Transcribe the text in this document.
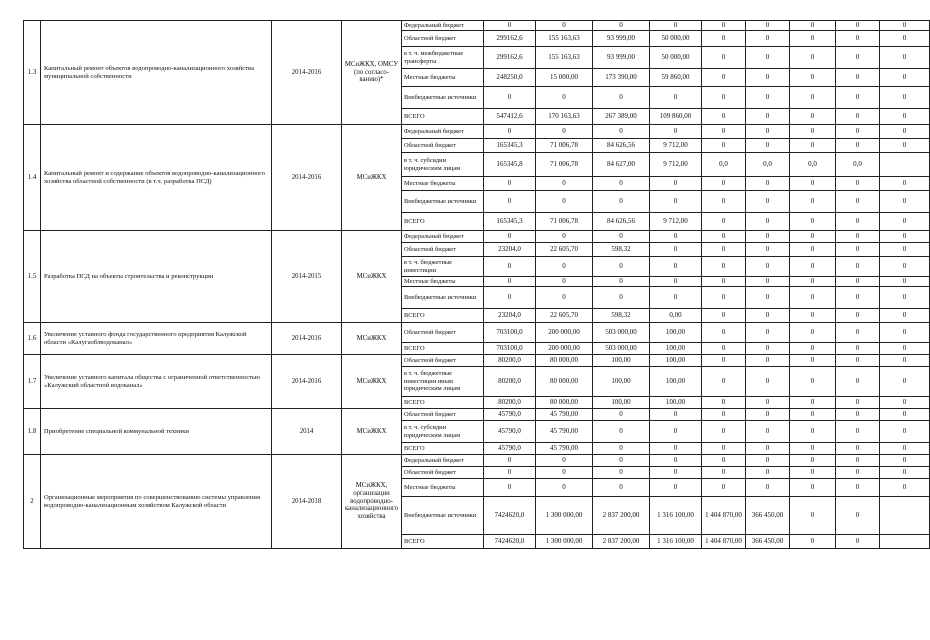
1.3	Капитальный ремонт объектов водопроводно-канализационного хозяйства муниципальной собственности	2014-2016	МСиЖКХ, ОМСУ (по согласо-ванию)*	Федеральный бюджет	0	0	0	0	0	0	0	0	0
				Областной бюджет	299162,6	155 163,63	93 999,00	50 000,00	0	0	0	0	0
				в т. ч. межбюджетные трансферты	299162,6	155 163,63	93 999,00	50 000,00	0	0	0	0	0
				Местные бюджеты	248250,0	15 000,00	173 390,00	59 860,00	0	0	0	0	0
				Внебюджетные источники	0	0	0	0	0	0	0	0	0
				ВСЕГО	547412,6	170 163,63	267 389,00	109 860,00	0	0	0	0	0
1.4	Капитальный ремонт и содержание объектов водопроводно-канализационного хозяйства областной собственности (в т.ч. разработка ПСД)	2014-2016	МСиЖКХ	Федеральный бюджет	0	0	0	0	0	0	0	0	0
				Областной бюджет	165345,3	71 006,78	84 626,56	9 712,00	0	0	0	0	0
				в т. ч. субсидии юридическим лицам	165345,8	71 006,78	84 627,00	9 712,00	0,0	0,0	0,0	0,0	
				Местные бюджеты	0	0	0	0	0	0	0	0	0
				Внебюджетные источники	0	0	0	0	0	0	0	0	0
				ВСЕГО	165345,3	71 006,78	84 626,56	9 712,00	0	0	0	0	0
1.5	Разработка ПСД на объекты строительства и реконструкции	2014-2015	МСиЖКХ	Федеральный бюджет	0	0	0	0	0	0	0	0	0
				Областной бюджет	23204,0	22 605,70	598,32	0	0	0	0	0	0
				в т. ч. бюджетные инвестиции	0	0	0	0	0	0	0	0	0
				Местные бюджеты	0	0	0	0	0	0	0	0	0
				Внебюджетные источники	0	0	0	0	0	0	0	0	0
				ВСЕГО	23204,0	22 605,70	598,32	0,00	0	0	0	0	0
1.6	Увеличение уставного фонда государственного предприятия Калужской области «Калугаоблводоканал»	2014-2016	МСиЖКХ	Областной бюджет	703100,0	200 000,00	503 000,00	100,00	0	0	0	0	0
				ВСЕГО	703100,0	200 000,00	503 000,00	100,00	0	0	0	0	0
1.7	Увеличение уставного капитала общества с ограниченной ответственностью «Калужский областной водоканал»	2014-2016	МСиЖКХ	Областной бюджет	80200,0	80 000,00	100,00	100,00	0	0	0	0	0
				в т. ч. бюджетные инвестиции иным юридическим лицам	80200,0	80 000,00	100,00	100,00	0	0	0	0	0
				ВСЕГО	80200,0	80 000,00	100,00	100,00	0	0	0	0	0
1.8	Приобретение специальной коммунальной техники	2014	МСиЖКХ	Областной бюджет	45790,0	45 790,00	0	0	0	0	0	0	0
				в т. ч. субсидии юридическим лицам	45790,0	45 790,00	0	0	0	0	0	0	0
				ВСЕГО	45790,0	45 790,00	0	0	0	0	0	0	0
2	Организационные мероприятия по совершенствованию системы управления водопроводно-канализационным хозяйством Калужской области	2014-2018	МСиЖКХ, организации водопроводно-канализационного хозяйства	Федеральный бюджет	0	0	0	0	0	0	0	0	0
				Областной бюджет	0	0	0	0	0	0	0	0	0
				Местные бюджеты	0	0	0	0	0	0	0	0	0
				Внебюджетные источники	7424620,0	1 300 000,00	2 837 200,00	1 316 100,00	1 404 870,00	366 450,00	0	0	
				ВСЕГО	7424620,0	1 300 000,00	2 837 200,00	1 316 100,00	1 404 870,00	366 450,00	0	0	
